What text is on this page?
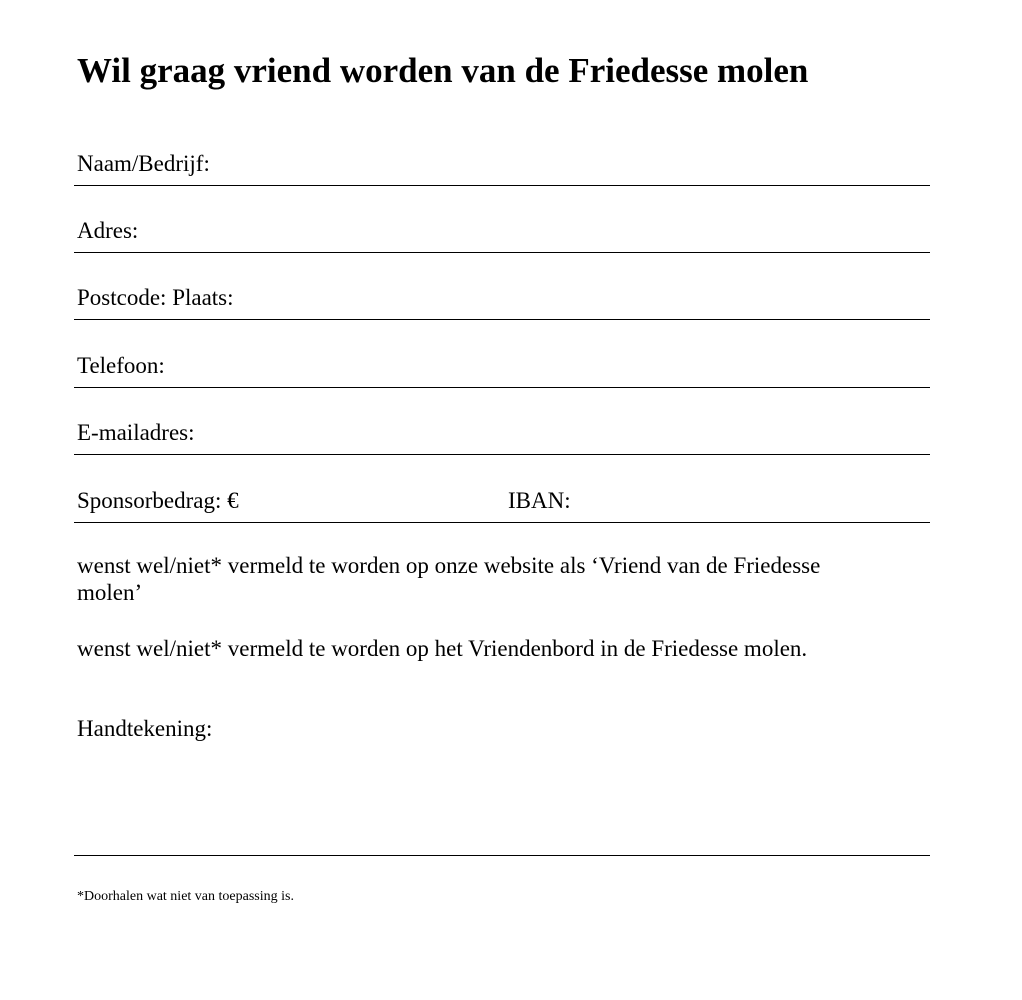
Wil graag vriend worden van de Friedesse molen
Naam/Bedrijf:
Adres:
Postcode: Plaats:
Telefoon:
E-mailadres:
Sponsorbedrag: €	IBAN:

wenst wel/niet* vermeld te worden op onze website als ‘Vriend van de Friedesse molen’

wenst wel/niet* vermeld te worden op het Vriendenbord in de Friedesse molen.

Handtekening:
*Doorhalen wat niet van toepassing is.
